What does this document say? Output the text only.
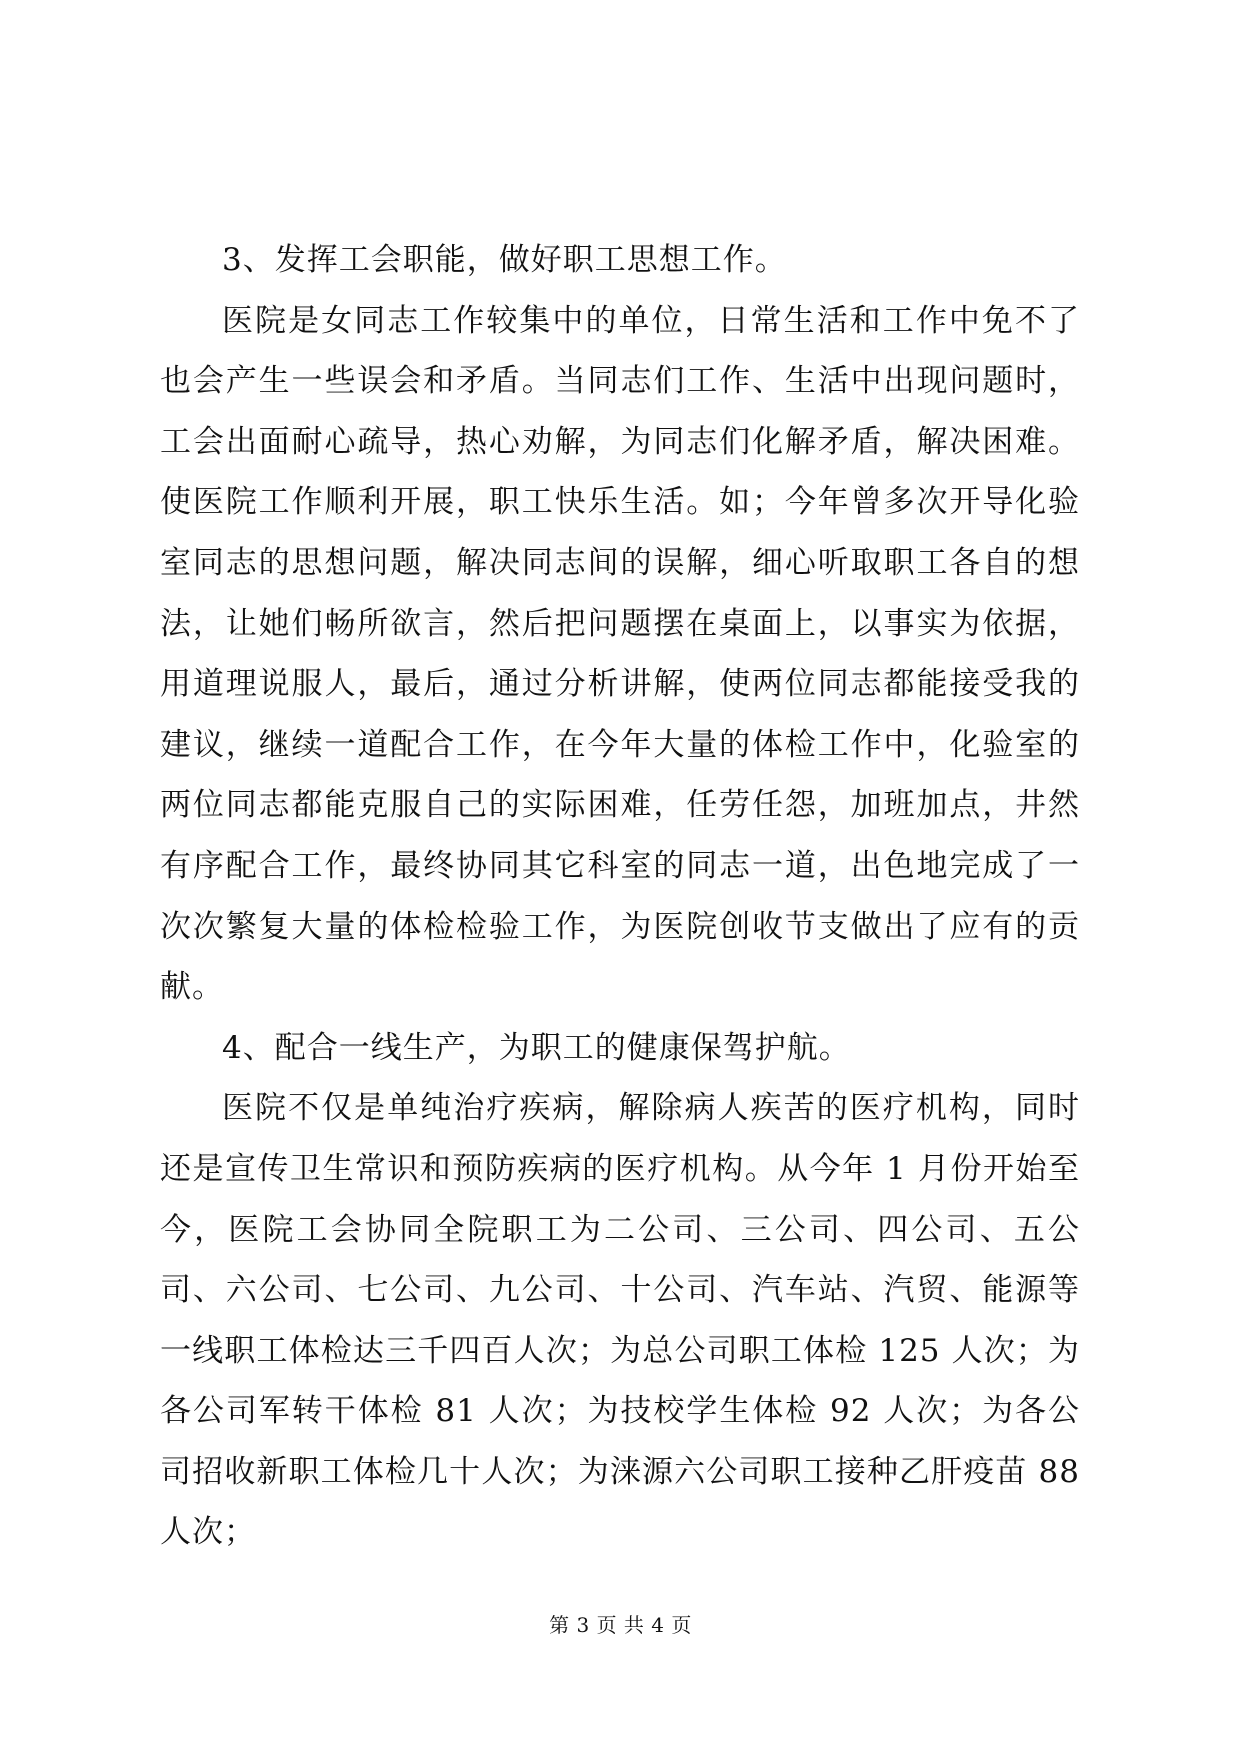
3、发挥工会职能，做好职工思想工作。

医院是女同志工作较集中的单位，日常生活和工作中免不了也会产生一些误会和矛盾。当同志们工作、生活中出现问题时，工会出面耐心疏导，热心劝解，为同志们化解矛盾，解决困难。使医院工作顺利开展，职工快乐生活。如；今年曾多次开导化验室同志的思想问题，解决同志间的误解，细心听取职工各自的想法，让她们畅所欲言，然后把问题摆在桌面上，以事实为依据，用道理说服人，最后，通过分析讲解，使两位同志都能接受我的建议，继续一道配合工作，在今年大量的体检工作中，化验室的两位同志都能克服自己的实际困难，任劳任怨，加班加点，井然有序配合工作，最终协同其它科室的同志一道，出色地完成了一次次繁复大量的体检检验工作，为医院创收节支做出了应有的贡献。

4、配合一线生产，为职工的健康保驾护航。

医院不仅是单纯治疗疾病，解除病人疾苦的医疗机构，同时还是宣传卫生常识和预防疾病的医疗机构。从今年 1 月份开始至今，医院工会协同全院职工为二公司、三公司、四公司、五公司、六公司、七公司、九公司、十公司、汽车站、汽贸、能源等一线职工体检达三千四百人次；为总公司职工体检 125 人次；为各公司军转干体检 81 人次；为技校学生体检 92 人次；为各公司招收新职工体检几十人次；为涞源六公司职工接种乙肝疫苗 88 人次；

第 3 页 共 4 页
